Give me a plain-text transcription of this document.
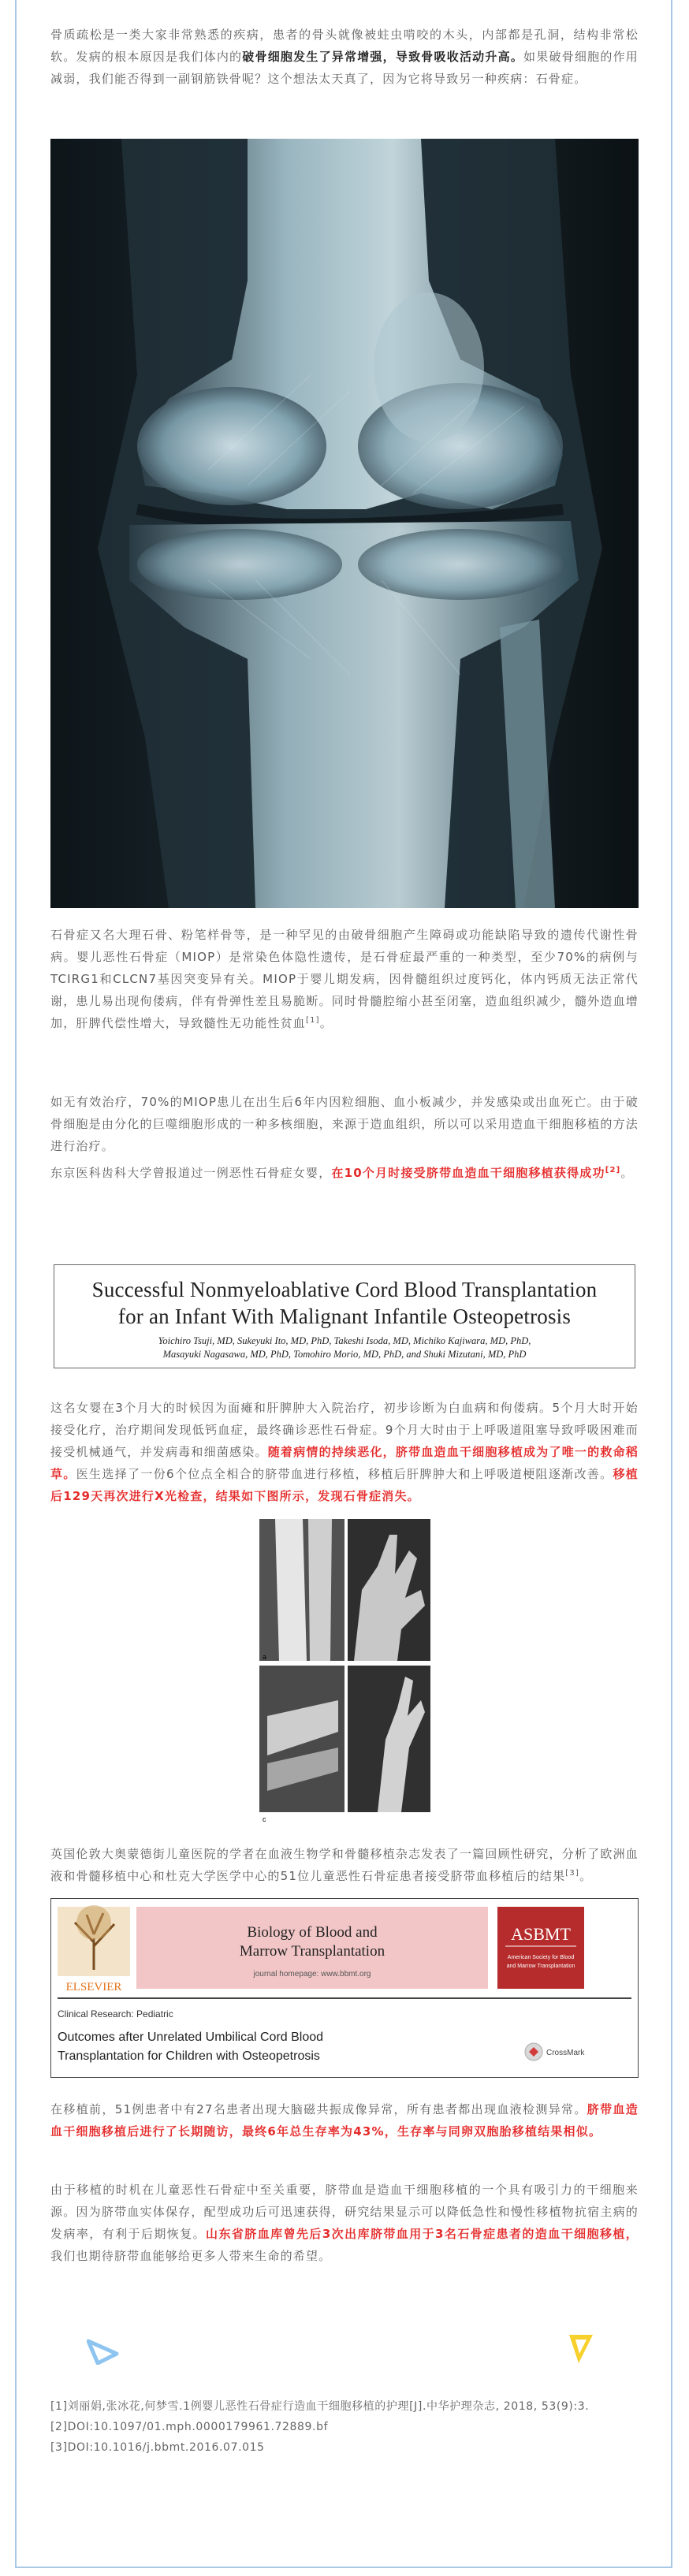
骨质疏松是一类大家非常熟悉的疾病，患者的骨头就像被蛀虫啃咬的木头，内部都是孔洞，结构非常松软。发病的根本原因是我们体内的破骨细胞发生了异常增强，导致骨吸收活动升高。如果破骨细胞的作用减弱，我们能否得到一副钢筋铁骨呢？这个想法太天真了，因为它将导致另一种疾病：石骨症。

石骨症又名大理石骨、粉笔样骨等，是一种罕见的由破骨细胞产生障碍或功能缺陷导致的遗传代谢性骨病。婴儿恶性石骨症（MIOP）是常染色体隐性遗传，是石骨症最严重的一种类型，至少70%的病例与TCIRG1和CLCN7基因突变异有关。MIOP于婴儿期发病，因骨髓组织过度钙化，体内钙质无法正常代谢，患儿易出现佝偻病，伴有骨弹性差且易脆断。同时骨髓腔缩小甚至闭塞，造血组织减少，髓外造血增加，肝脾代偿性增大，导致髓性无功能性贫血[1]。

如无有效治疗，70%的MIOP患儿在出生后6年内因粒细胞、血小板减少，并发感染或出血死亡。由于破骨细胞是由分化的巨噬细胞形成的一种多核细胞，来源于造血组织，所以可以采用造血干细胞移植的方法进行治疗。

东京医科齿科大学曾报道过一例恶性石骨症女婴，在10个月时接受脐带血造血干细胞移植获得成功[2]。

Successful Nonmyeloablative Cord Blood Transplantation
for an Infant With Malignant Infantile Osteopetrosis
Yoichiro Tsuji, MD, Sukeyuki Ito, MD, PhD, Takeshi Isoda, MD, Michiko Kajiwara, MD, PhD,
Masayuki Nagasawa, MD, PhD, Tomohiro Morio, MD, PhD, and Shuki Mizutani, MD, PhD

这名女婴在3个月大的时候因为面瘫和肝脾肿大入院治疗，初步诊断为白血病和佝偻病。5个月大时开始接受化疗，治疗期间发现低钙血症，最终确诊恶性石骨症。9个月大时由于上呼吸道阻塞导致呼吸困难而接受机械通气，并发病毒和细菌感染。随着病情的持续恶化，脐带血造血干细胞移植成为了唯一的救命稻草。医生选择了一份6个位点全相合的脐带血进行移植，移植后肝脾肿大和上呼吸道梗阻逐渐改善。移植后129天再次进行X光检查，结果如下图所示，发现石骨症消失。

a
c

英国伦敦大奥蒙德街儿童医院的学者在血液生物学和骨髓移植杂志发表了一篇回顾性研究，分析了欧洲血液和骨髓移植中心和杜克大学医学中心的51位儿童恶性石骨症患者接受脐带血移植后的结果[3]。

ELSEVIER
Biology of Blood and
Marrow Transplantation
journal homepage: www.bbmt.org
ASBMT
American Society for Blood
and Marrow Transplantation
Clinical Research: Pediatric
Outcomes after Unrelated Umbilical Cord Blood
Transplantation for Children with Osteopetrosis	CrossMark

在移植前，51例患者中有27名患者出现大脑磁共振成像异常，所有患者都出现血液检测异常。脐带血造血干细胞移植后进行了长期随访，最终6年总生存率为43%，生存率与同卵双胞胎移植结果相似。

由于移植的时机在儿童恶性石骨症中至关重要，脐带血是造血干细胞移植的一个具有吸引力的干细胞来源。因为脐带血实体保存，配型成功后可迅速获得，研究结果显示可以降低急性和慢性移植物抗宿主病的发病率，有利于后期恢复。山东省脐血库曾先后3次出库脐带血用于3名石骨症患者的造血干细胞移植，我们也期待脐带血能够给更多人带来生命的希望。

[1]刘丽娟,张冰花,何梦雪.1例婴儿恶性石骨症行造血干细胞移植的护理[J].中华护理杂志, 2018, 53(9):3.
[2]DOI:10.1097/01.mph.0000179961.72889.bf
[3]DOI:10.1016/j.bbmt.2016.07.015
